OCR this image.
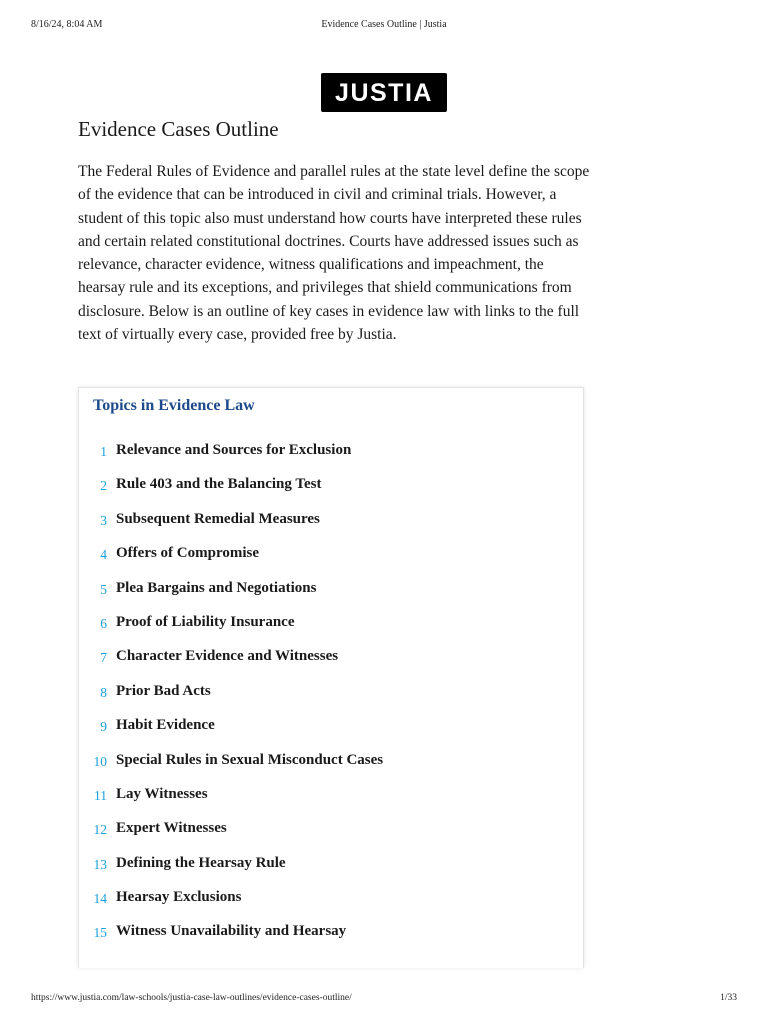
8/16/24, 8:04 AM	Evidence Cases Outline | Justia
JUSTIA
Evidence Cases Outline

The Federal Rules of Evidence and parallel rules at the state level define the scope of the evidence that can be introduced in civil and criminal trials. However, a student of this topic also must understand how courts have interpreted these rules and certain related constitutional doctrines. Courts have addressed issues such as relevance, character evidence, witness qualifications and impeachment, the hearsay rule and its exceptions, and privileges that shield communications from disclosure. Below is an outline of key cases in evidence law with links to the full text of virtually every case, provided free by Justia.

Topics in Evidence Law
1 Relevance and Sources for Exclusion
2 Rule 403 and the Balancing Test
3 Subsequent Remedial Measures
4 Offers of Compromise
5 Plea Bargains and Negotiations
6 Proof of Liability Insurance
7 Character Evidence and Witnesses
8 Prior Bad Acts
9 Habit Evidence
10 Special Rules in Sexual Misconduct Cases
11 Lay Witnesses
12 Expert Witnesses
13 Defining the Hearsay Rule
14 Hearsay Exclusions
15 Witness Unavailability and Hearsay
https://www.justia.com/law-schools/justia-case-law-outlines/evidence-cases-outline/	1/33
